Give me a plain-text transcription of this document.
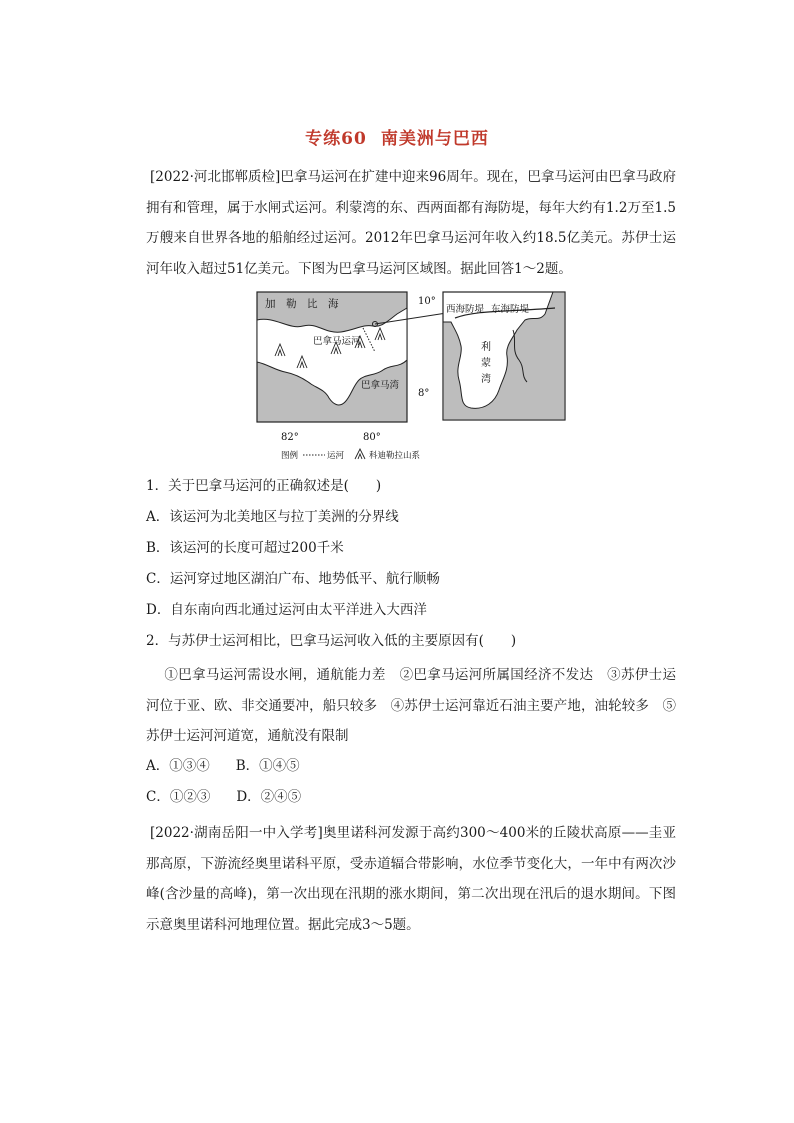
专练60 南美洲与巴西
[2022·河北邯郸质检]巴拿马运河在扩建中迎来96周年。现在，巴拿马运河由巴拿马政府拥有和管理，属于水闸式运河。利蒙湾的东、西两面都有海防堤，每年大约有1.2万至1.5万艘来自世界各地的船舶经过运河。2012年巴拿马运河年收入约18.5亿美元。苏伊士运河年收入超过51亿美元。下图为巴拿马运河区域图。据此回答1～2题。
加　勒　比　海
巴拿马运河
巴拿马湾
10°
8°
82°	80°
西海防堤 东海防堤
利
蒙
湾
图例	运河	科迪勒拉山系
1．关于巴拿马运河的正确叙述是(　　)
A．该运河为北美地区与拉丁美洲的分界线
B．该运河的长度可超过200千米
C．运河穿过地区湖泊广布、地势低平、航行顺畅
D．自东南向西北通过运河由太平洋进入大西洋
2．与苏伊士运河相比，巴拿马运河收入低的主要原因有(　　)
①巴拿马运河需设水闸，通航能力差　②巴拿马运河所属国经济不发达　③苏伊士运河位于亚、欧、非交通要冲，船只较多　④苏伊士运河靠近石油主要产地，油轮较多　⑤苏伊士运河河道宽，通航没有限制
A．①③④ B．①④⑤
C．①②③ D．②④⑤
[2022·湖南岳阳一中入学考]奥里诺科河发源于高约300～400米的丘陵状高原——圭亚那高原，下游流经奥里诺科平原，受赤道辐合带影响，水位季节变化大，一年中有两次沙峰(含沙量的高峰)，第一次出现在汛期的涨水期间，第二次出现在汛后的退水期间。下图示意奥里诺科河地理位置。据此完成3～5题。
